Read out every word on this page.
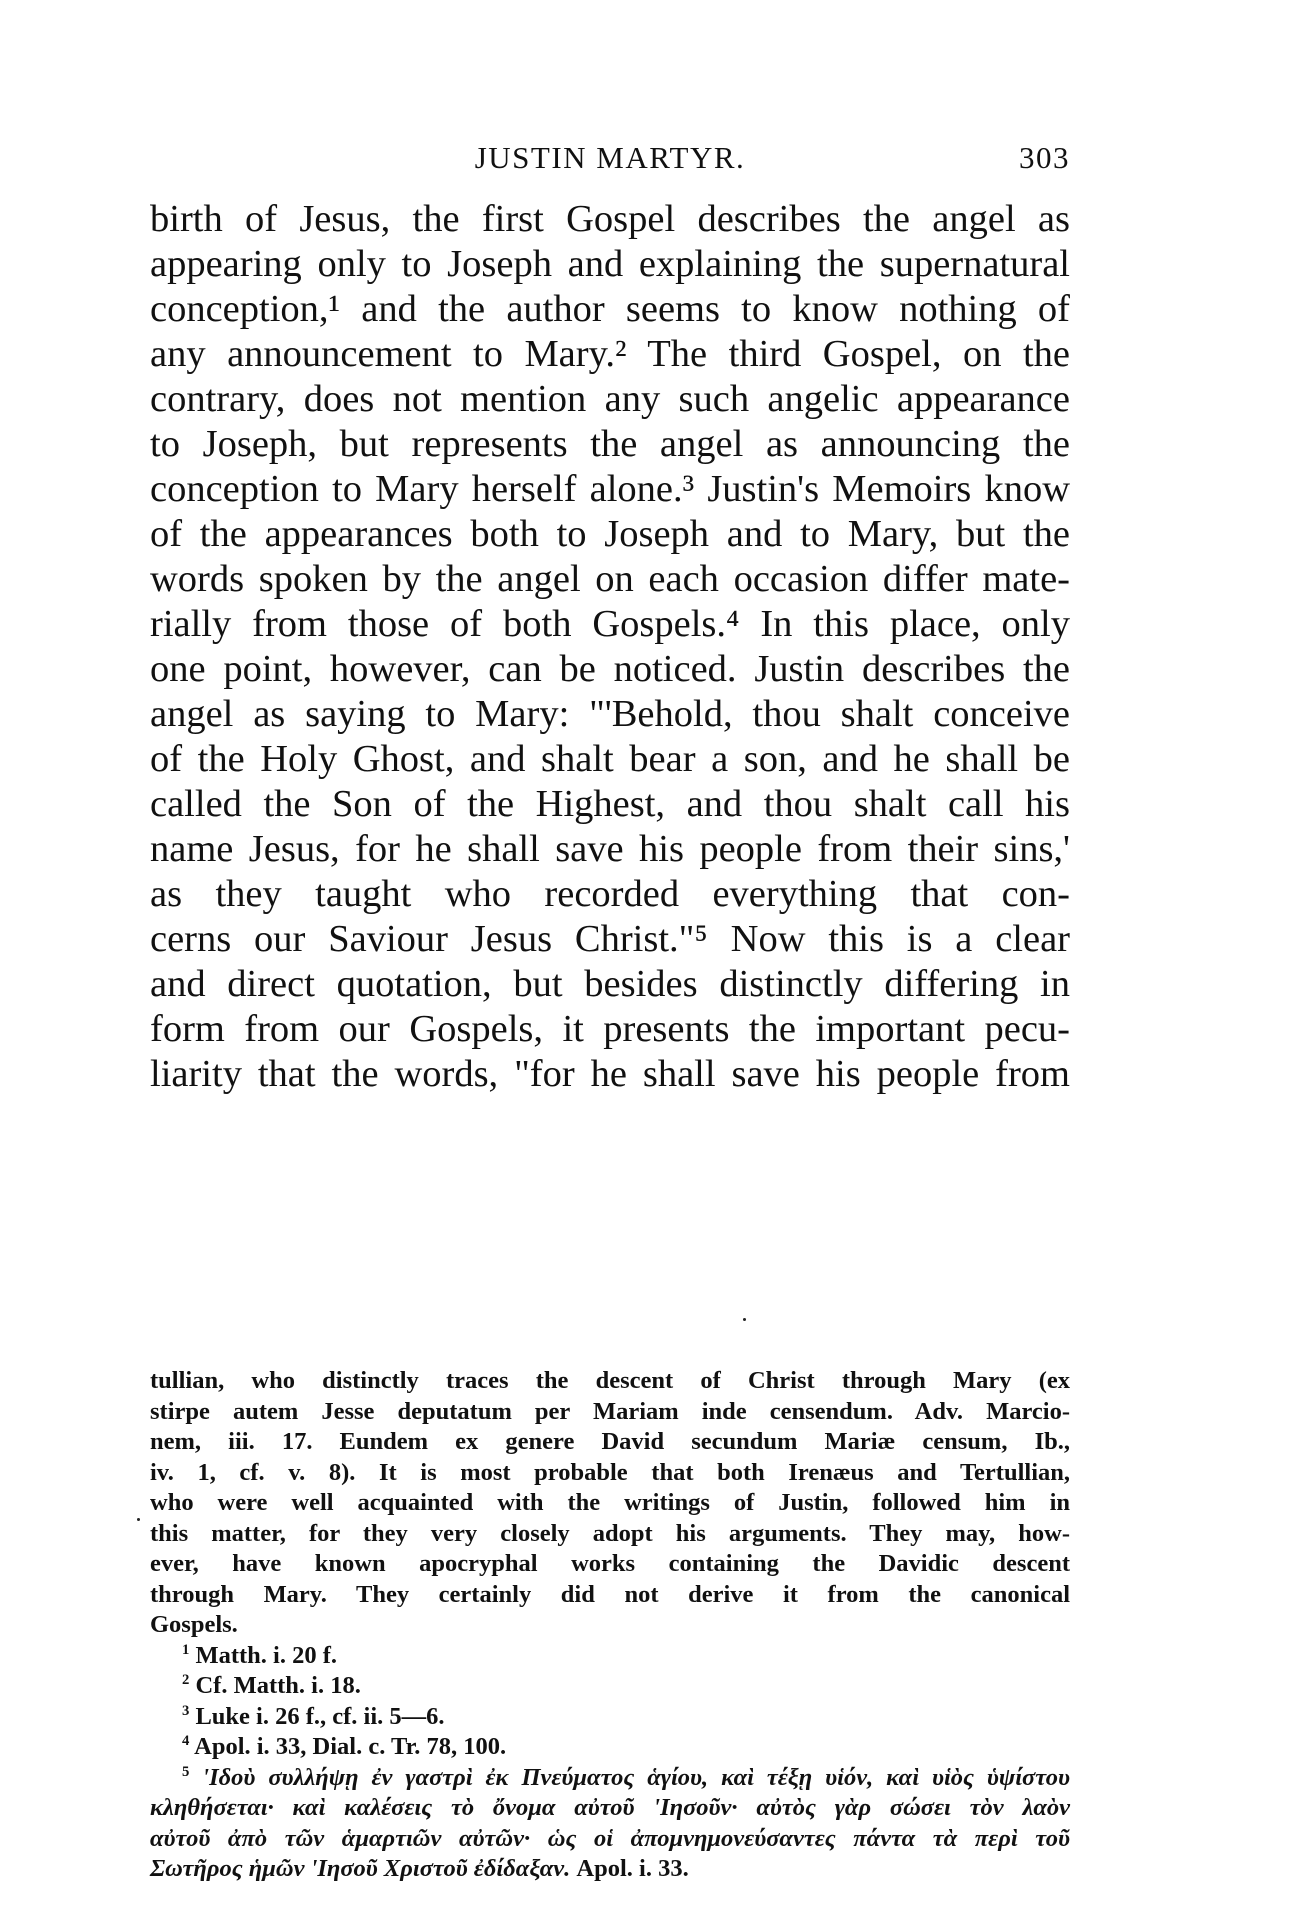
JUSTIN MARTYR.	303
birth of Jesus, the first Gospel describes the angel as
appearing only to Joseph and explaining the supernatural
conception,¹ and the author seems to know nothing of
any announcement to Mary.² The third Gospel, on the
contrary, does not mention any such angelic appearance
to Joseph, but represents the angel as announcing the
conception to Mary herself alone.³ Justin's Memoirs know
of the appearances both to Joseph and to Mary, but the
words spoken by the angel on each occasion differ mate-
rially from those of both Gospels.⁴ In this place, only
one point, however, can be noticed. Justin describes the
angel as saying to Mary: "'Behold, thou shalt conceive
of the Holy Ghost, and shalt bear a son, and he shall be
called the Son of the Highest, and thou shalt call his
name Jesus, for he shall save his people from their sins,'
as they taught who recorded everything that con-
cerns our Saviour Jesus Christ."⁵ Now this is a clear
and direct quotation, but besides distinctly differing in
form from our Gospels, it presents the important pecu-
liarity that the words, "for he shall save his people from
tullian, who distinctly traces the descent of Christ through Mary (ex
stirpe autem Jesse deputatum per Mariam inde censendum. Adv. Marcio-
nem, iii. 17. Eundem ex genere David secundum Mariæ censum, Ib.,
iv. 1, cf. v. 8). It is most probable that both Irenæus and Tertullian,
who were well acquainted with the writings of Justin, followed him in
this matter, for they very closely adopt his arguments. They may, how-
ever, have known apocryphal works containing the Davidic descent
through Mary. They certainly did not derive it from the canonical
Gospels.
$^1$ Matth. i. 20 f.
$^2$ Cf. Matth. i. 18.
$^3$ Luke i. 26 f., cf. ii. 5—6.
$^4$ Apol. i. 33, Dial. c. Tr. 78, 100.
$^5$ 'Ιδοὺ συλλήψῃ ἐν γαστρὶ ἐκ Πνεύματος ἁγίου, καὶ τέξῃ υἱόν, καὶ υἱὸς ὑψίστου
κληθήσεται· καὶ καλέσεις τὸ ὄνομα αὐτοῦ 'Ιησοῦν· αὐτὸς γὰρ σώσει τὸν λαὸν
αὐτοῦ ἀπὸ τῶν ἁμαρτιῶν αὐτῶν· ὡς οἱ ἀπομνημονεύσαντες πάντα τὰ περὶ τοῦ
Σωτῆρος ἡμῶν 'Ιησοῦ Χριστοῦ ἐδίδαξαν. Apol. i. 33.
